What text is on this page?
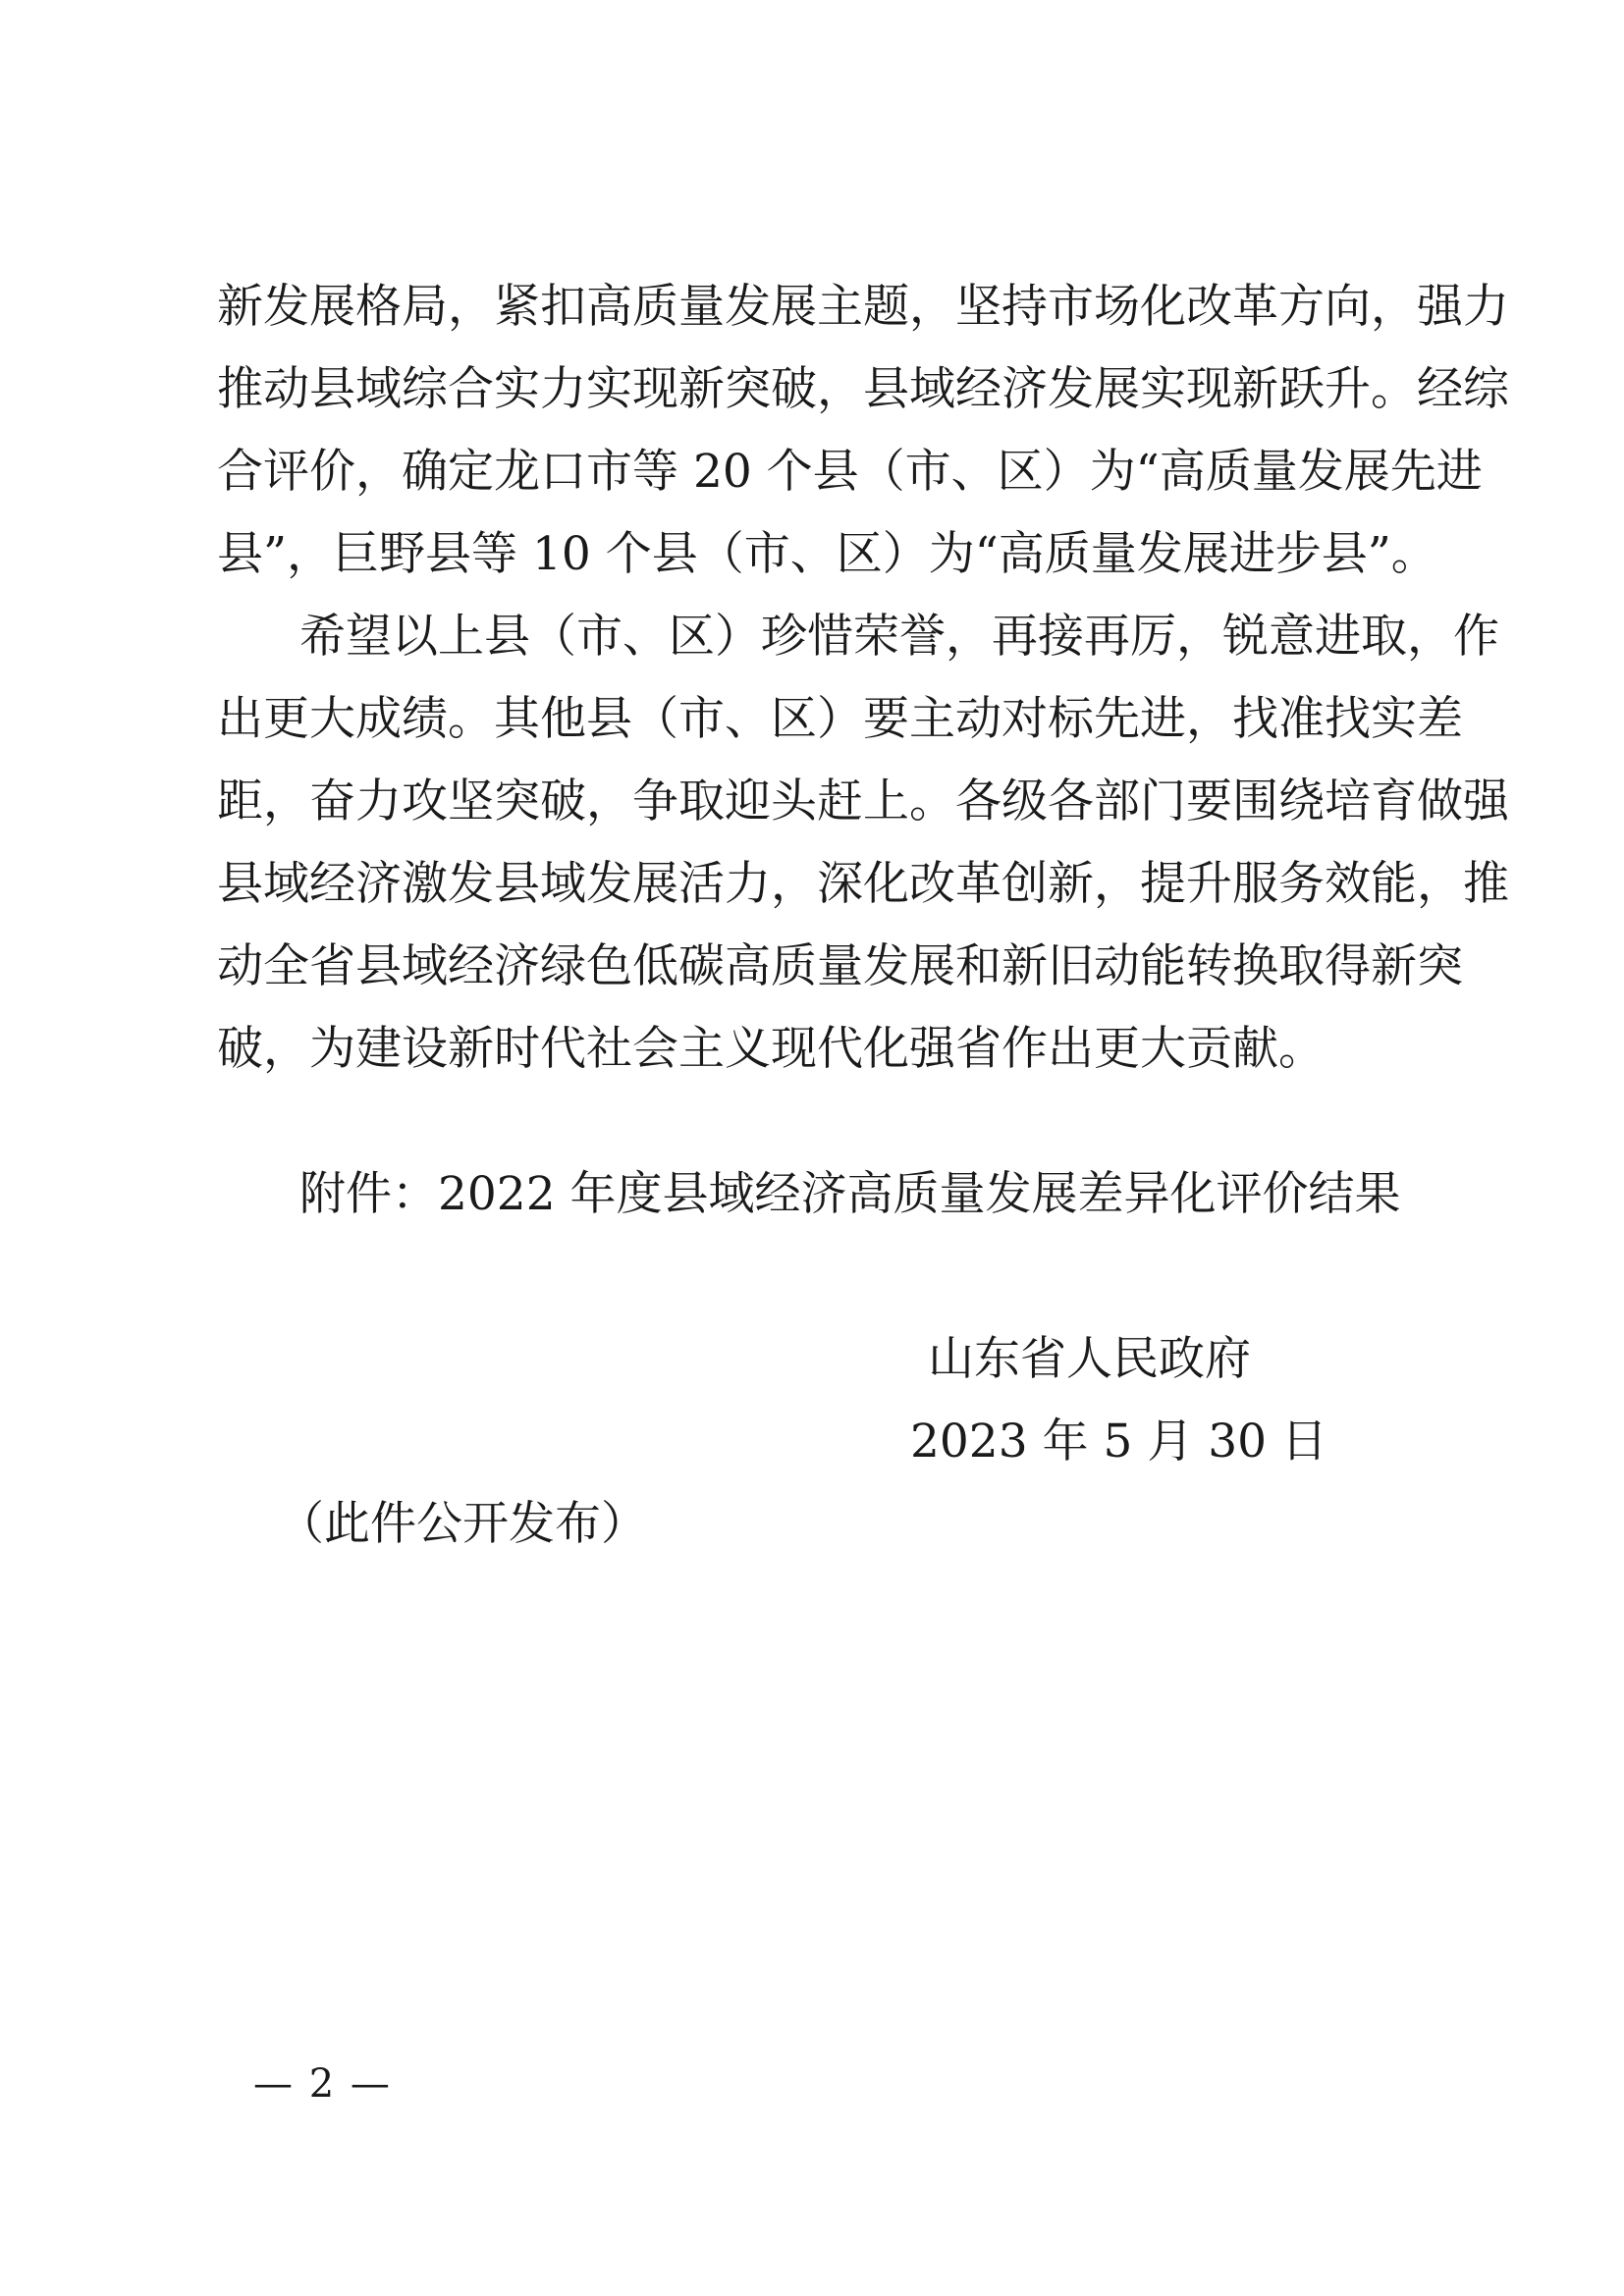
新发展格局，紧扣高质量发展主题，坚持市场化改革方向，强力
推动县域综合实力实现新突破，县域经济发展实现新跃升。经综
合评价，确定龙口市等 20 个县（市、区）为“高质量发展先进
县”，巨野县等 10 个县（市、区）为“高质量发展进步县”。
希望以上县（市、区）珍惜荣誉，再接再厉，锐意进取，作
出更大成绩。其他县（市、区）要主动对标先进，找准找实差
距，奋力攻坚突破，争取迎头赶上。各级各部门要围绕培育做强
县域经济激发县域发展活力，深化改革创新，提升服务效能，推
动全省县域经济绿色低碳高质量发展和新旧动能转换取得新突
破，为建设新时代社会主义现代化强省作出更大贡献。
附件：2022 年度县域经济高质量发展差异化评价结果
山东省人民政府
2023 年 5 月 30 日
（此件公开发布）
— 2 —
